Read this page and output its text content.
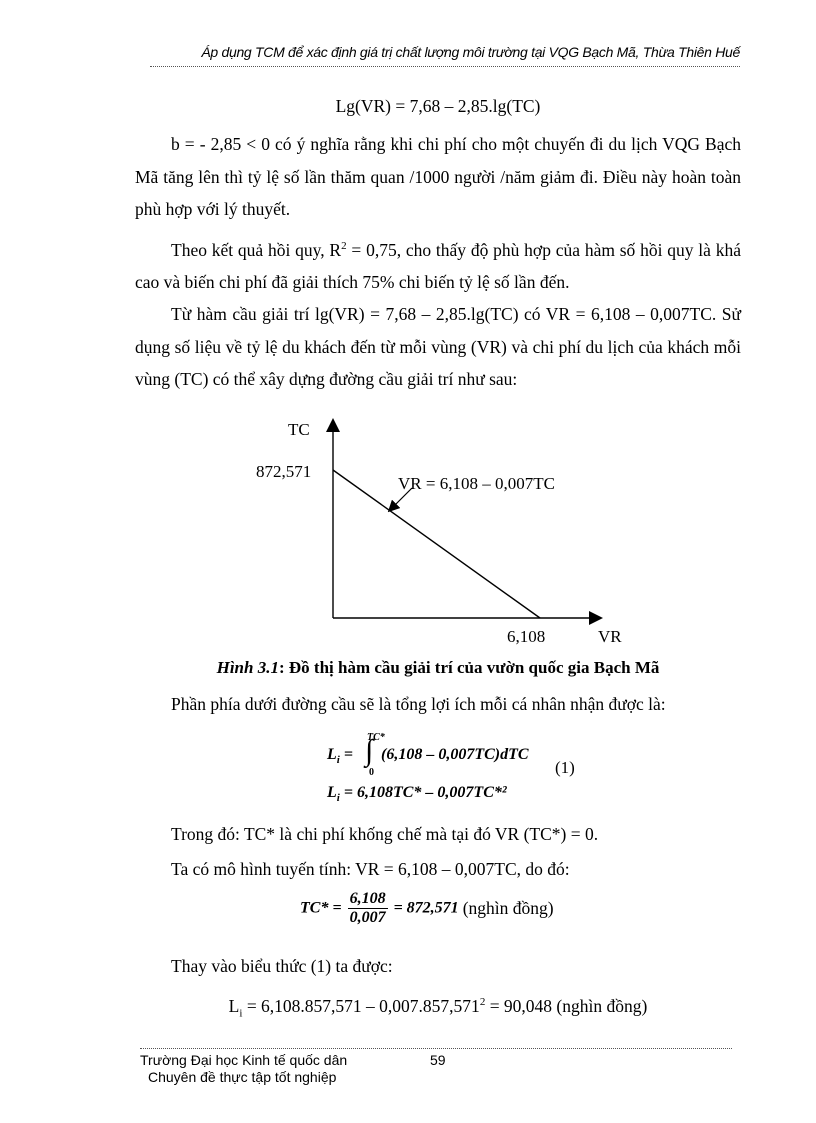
Áp dụng TCM để xác định giá trị chất lượng môi trường tại VQG Bạch Mã, Thừa Thiên Huế
Lg(VR) = 7,68 – 2,85.lg(TC)
b = - 2,85 < 0 có ý nghĩa rằng khi chi phí cho một chuyến đi du lịch VQG Bạch Mã tăng lên thì tỷ lệ số lần thăm quan /1000 người /năm giảm đi. Điều này hoàn toàn phù hợp với lý thuyết.
Theo kết quả hồi quy, $R^2 = 0,75$, cho thấy độ phù hợp của hàm số hồi quy là khá cao và biến chi phí đã giải thích 75% chi biến tỷ lệ số lần đến.
Từ hàm cầu giải trí lg(VR) = 7,68 – 2,85.lg(TC) có VR = 6,108 – 0,007TC. Sử dụng số liệu về tỷ lệ du khách đến từ mỗi vùng (VR) và chi phí du lịch của khách mỗi vùng (TC) có thể xây dựng đường cầu giải trí như sau:
TC
872,571
VR = 6,108 – 0,007TC
6,108	VR
Hình 3.1: Đồ thị hàm cầu giải trí của vườn quốc gia Bạch Mã
Phần phía dưới đường cầu sẽ là tổng lợi ích mỗi cá nhân nhận được là:
$L_i$ =
TC*
∫
0
(6,108 – 0,007TC)dTC
(1)
$L_i = 6,108TC* - 0,007TC*^2$
Trong đó: TC* là chi phí khống chế mà tại đó VR (TC*) = 0.
Ta có mô hình tuyến tính: VR = 6,108 – 0,007TC, do đó:
$TC* = \frac{6,108}{0,007} = 872,571$ (nghìn đồng)
Thay vào biểu thức (1) ta được:
$L_i = 6,108.857,571 - 0,007.857,571^2 = 90,048$ (nghìn đồng)
Trường Đại học Kinh tế quốc dân	59
Chuyên đề thực tập tốt nghiệp
